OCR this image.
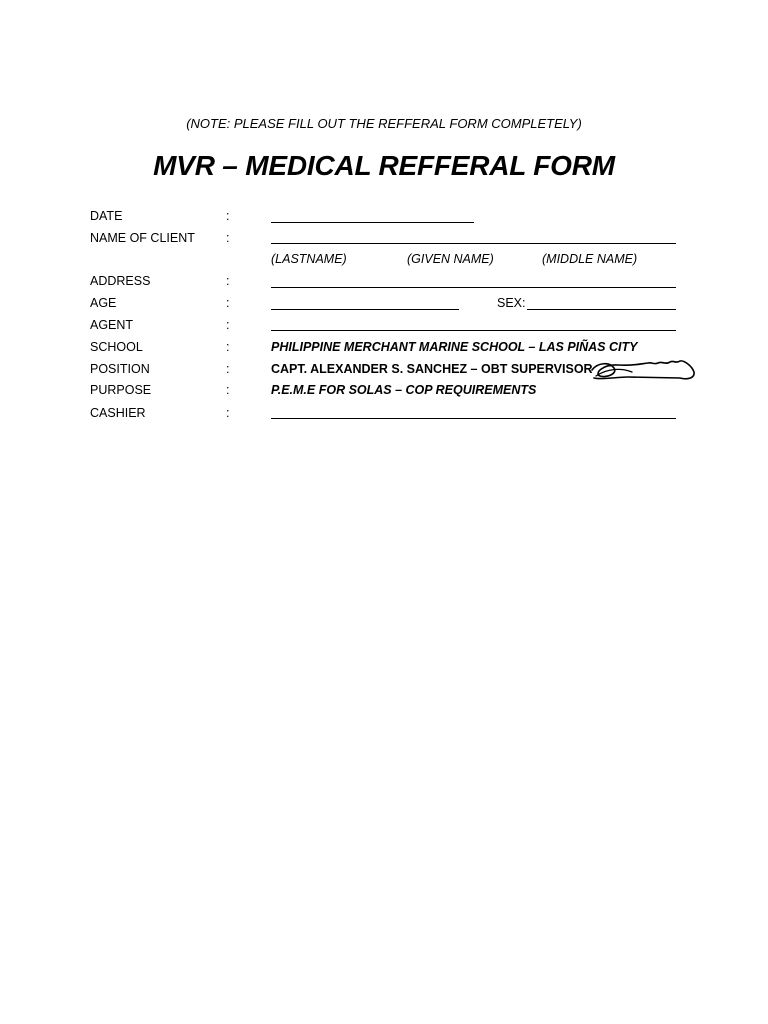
(NOTE: PLEASE FILL OUT THE REFFERAL FORM COMPLETELY)
MVR – MEDICAL REFFERAL FORM
DATE	:
NAME OF CLIENT :
(LASTNAME)	(GIVEN NAME)	(MIDDLE NAME)
ADDRESS	:
AGE	:	SEX:
AGENT	:
SCHOOL	:	PHILIPPINE MERCHANT MARINE SCHOOL – LAS PIÑAS CITY
POSITION	:	CAPT. ALEXANDER S. SANCHEZ – OBT SUPERVISOR
PURPOSE	:	P.E.M.E FOR SOLAS – COP REQUIREMENTS
CASHIER	:
